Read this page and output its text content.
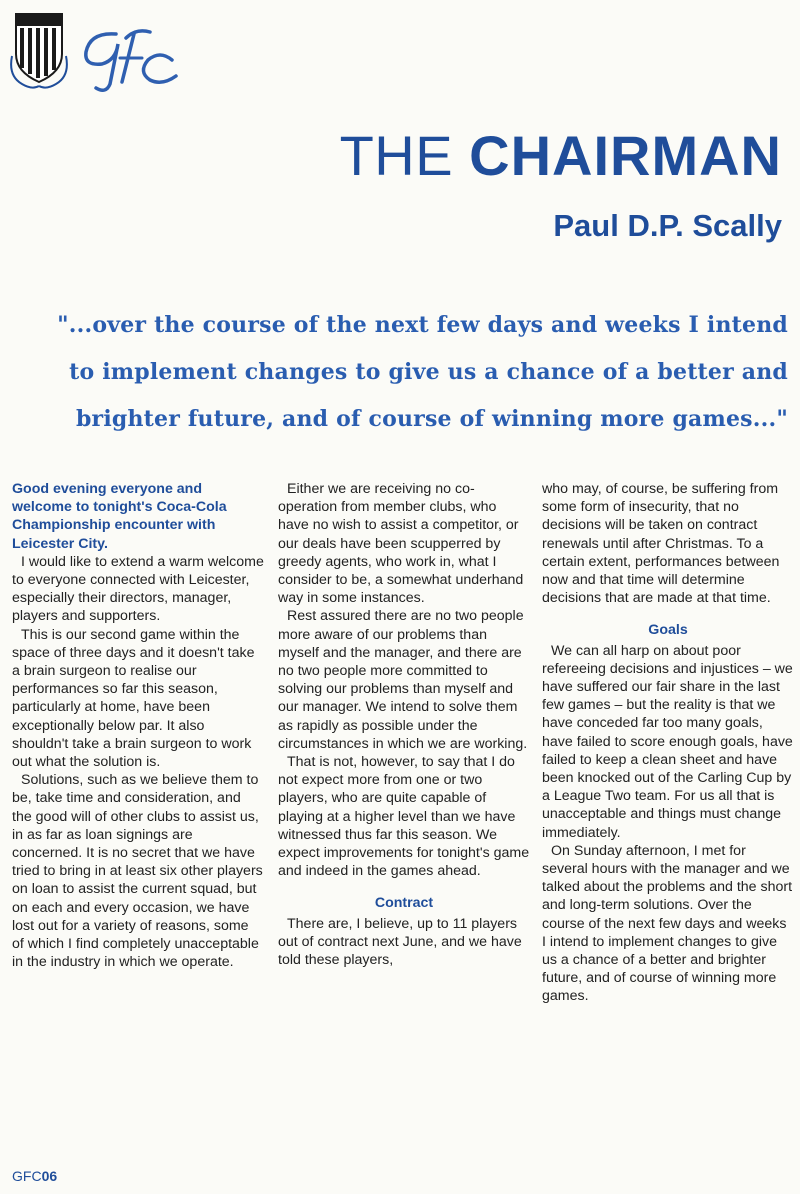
THE CHAIRMAN
Paul D.P. Scally
"...over the course of the next few days and weeks I intend
to implement changes to give us a chance of a better and
brighter future, and of course of winning more games..."

Good evening everyone and welcome to tonight's Coca-Cola Championship encounter with Leicester City.

I would like to extend a warm welcome to everyone connected with Leicester, especially their directors, manager, players and supporters.

This is our second game within the space of three days and it doesn't take a brain surgeon to realise our performances so far this season, particularly at home, have been exceptionally below par. It also shouldn't take a brain surgeon to work out what the solution is.

Solutions, such as we believe them to be, take time and consideration, and the good will of other clubs to assist us, in as far as loan signings are concerned. It is no secret that we have tried to bring in at least six other players on loan to assist the current squad, but on each and every occasion, we have lost out for a variety of reasons, some of which I find completely unacceptable in the industry in which we operate.

Either we are receiving no co-operation from member clubs, who have no wish to assist a competitor, or our deals have been scupperred by greedy agents, who work in, what I consider to be, a somewhat underhand way in some instances.

Rest assured there are no two people more aware of our problems than myself and the manager, and there are no two people more committed to solving our problems than myself and our manager. We intend to solve them as rapidly as possible under the circumstances in which we are working.

That is not, however, to say that I do not expect more from one or two players, who are quite capable of playing at a higher level than we have witnessed thus far this season. We expect improvements for tonight's game and indeed in the games ahead.

Contract

There are, I believe, up to 11 players out of contract next June, and we have told these players,

who may, of course, be suffering from some form of insecurity, that no decisions will be taken on contract renewals until after Christmas. To a certain extent, performances between now and that time will determine decisions that are made at that time.

Goals

We can all harp on about poor refereeing decisions and injustices – we have suffered our fair share in the last few games – but the reality is that we have conceded far too many goals, have failed to score enough goals, have failed to keep a clean sheet and have been knocked out of the Carling Cup by a League Two team. For us all that is unacceptable and things must change immediately.

On Sunday afternoon, I met for several hours with the manager and we talked about the problems and the short and long-term solutions. Over the course of the next few days and weeks I intend to implement changes to give us a chance of a better and brighter future, and of course of winning more games.

GFC06
